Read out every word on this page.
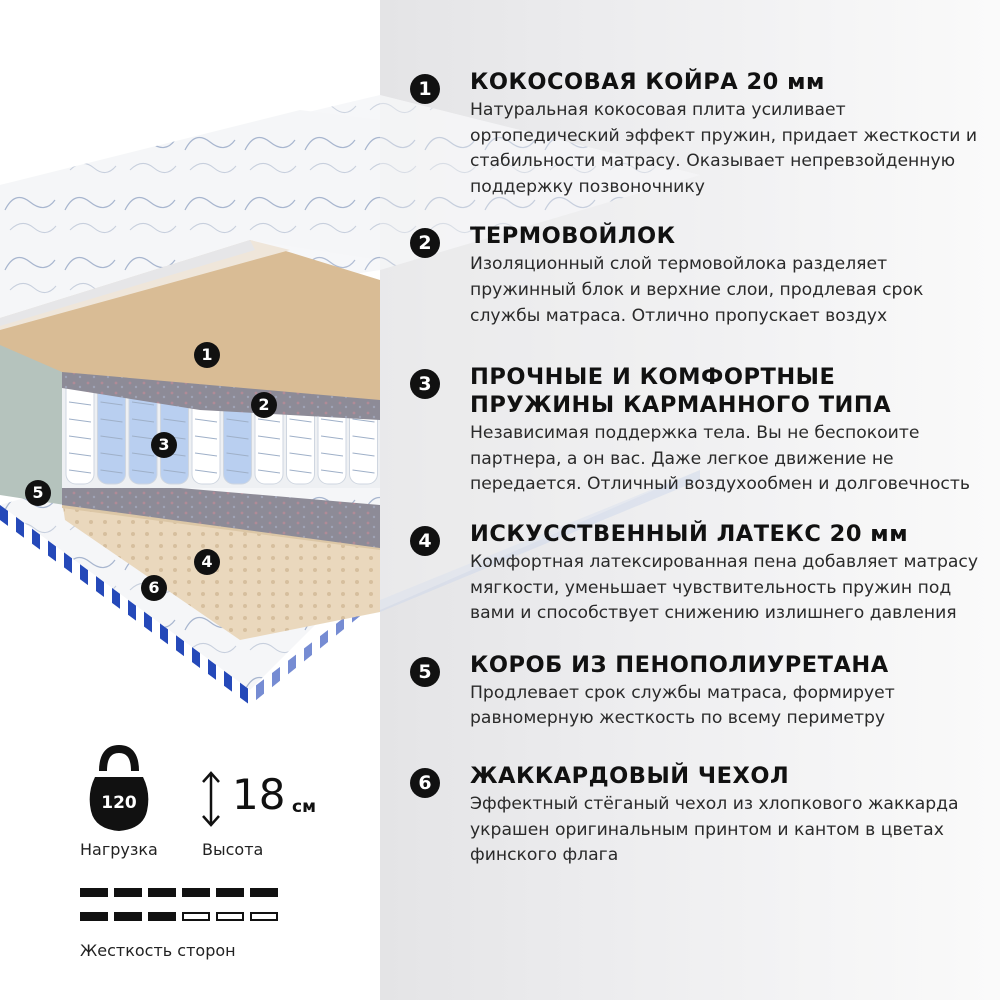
1
2
3
4
5
6
1	КОКОСОВАЯ КОЙРА 20 мм
Натуральная кокосовая плита усиливает ортопедический эффект пружин, придает жесткости и стабильности матрасу. Оказывает непревзойденную поддержку позвоночнику
2	ТЕРМОВОЙЛОК
Изоляционный слой термовойлока разделяет пружинный блок и верхние слои, продлевая срок службы матраса. Отлично пропускает воздух
3	ПРОЧНЫЕ И КОМФОРТНЫЕ ПРУЖИНЫ КАРМАННОГО ТИПА
Независимая поддержка тела. Вы не беспокоите партнера, а он вас. Даже легкое движение не передается. Отличный воздухообмен и долговечность
4	ИСКУССТВЕННЫЙ ЛАТЕКС 20 мм
Комфортная латексированная пена добавляет матрасу мягкости, уменьшает чувствительность пружин под вами и способствует снижению излишнего давления
5	КОРОБ ИЗ ПЕНОПОЛИУРЕТАНА
Продлевает срок службы матраса, формирует равномерную жесткость по всему периметру
6	ЖАККАРДОВЫЙ ЧЕХОЛ
Эффектный стёганый чехол из хлопкового жаккарда украшен оригинальным принтом и кантом в цветах финского флага
120
Нагрузка
18 см
Высота
Жесткость сторон
